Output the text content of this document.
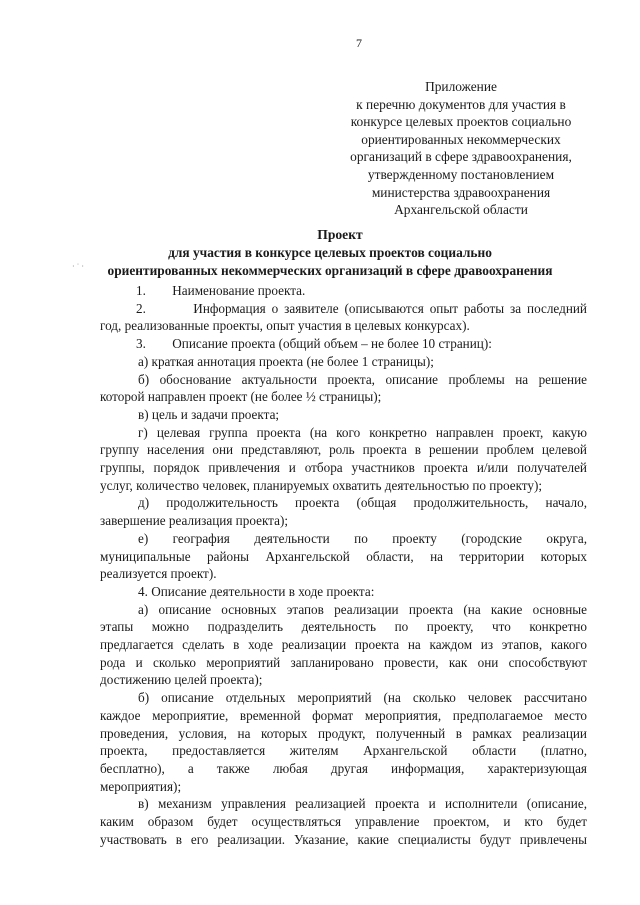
7
Приложение
к перечню документов для участия в
конкурсе целевых проектов социально
ориентированных некоммерческих
организаций в сфере здравоохранения,
утвержденному постановлением
министерства здравоохранения
Архангельской области
Проект
· ˙ ·
для участия в конкурсе целевых проектов социально
ориентированных некоммерческих организаций в сфере дравоохранения
1.        Наименование проекта.
2.        Информация о заявителе (описываются опыт работы за последний
год, реализованные проекты, опыт участия в целевых конкурсах).
3.        Описание проекта (общий объем – не более 10 страниц):
а) краткая аннотация проекта (не более 1 страницы);
б) обоснование актуальности проекта, описание проблемы на решение
которой направлен проект (не более ½ страницы);
в) цель и задачи проекта;
г) целевая группа проекта (на кого конкретно направлен проект, какую
группу населения они представляют, роль проекта в решении проблем целевой
группы, порядок привлечения и отбора участников проекта и/или получателей
услуг, количество человек, планируемых охватить деятельностью по проекту);
д) продолжительность проекта (общая продолжительность, начало,
завершение реализация проекта);
е) география деятельности по проекту (городские округа,
муниципальные районы Архангельской области, на территории которых
реализуется проект).
4. Описание деятельности в ходе проекта:
а) описание основных этапов реализации проекта (на какие основные
этапы можно подразделить деятельность по проекту, что конкретно
предлагается сделать в ходе реализации проекта на каждом из этапов, какого
рода и сколько мероприятий запланировано провести, как они способствуют
достижению целей проекта);
б) описание отдельных мероприятий (на сколько человек рассчитано
каждое мероприятие, временной формат мероприятия, предполагаемое место
проведения, условия, на которых продукт, полученный в рамках реализации
проекта, предоставляется жителям Архангельской области (платно,
бесплатно), а также любая другая информация, характеризующая
мероприятия);
в) механизм управления реализацией проекта и исполнители (описание,
каким образом будет осуществляться управление проектом, и кто будет
участвовать в его реализации. Указание, какие специалисты будут привлечены
